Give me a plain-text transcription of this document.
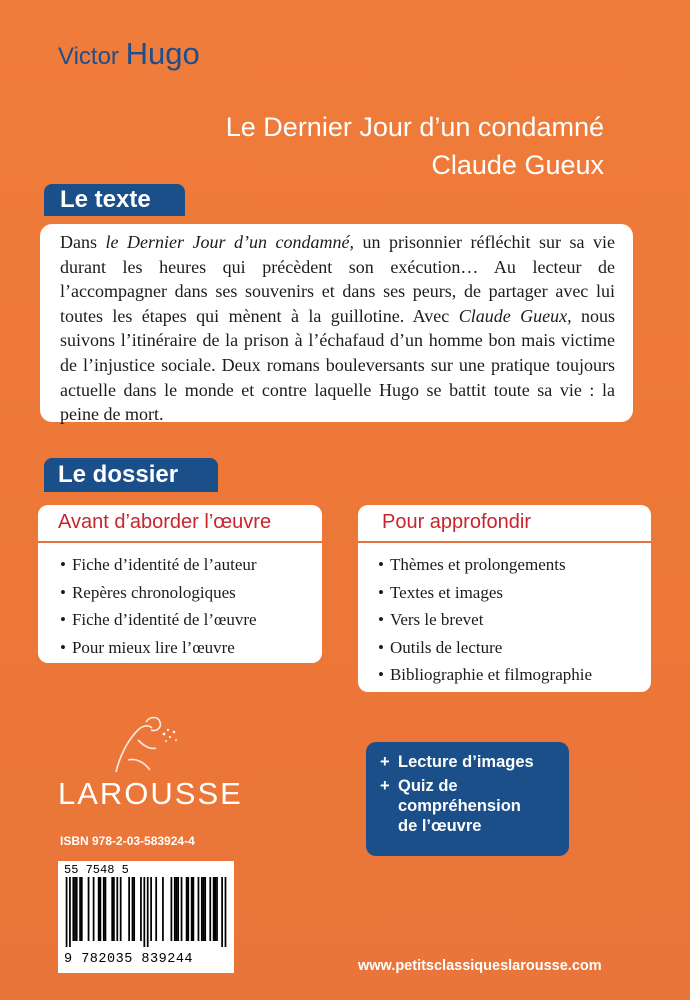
Victor Hugo
Le Dernier Jour d’un condamné
Claude Gueux
Le texte
Dans le Dernier Jour d’un condamné, un prisonnier réfléchit sur sa vie durant les heures qui précèdent son exécution… Au lecteur de l’accompagner dans ses souvenirs et dans ses peurs, de partager avec lui toutes les étapes qui mènent à la guillotine. Avec Claude Gueux, nous suivons l’itinéraire de la prison à l’échafaud d’un homme bon mais victime de l’injustice sociale. Deux romans bouleversants sur une pratique toujours actuelle dans le monde et contre laquelle Hugo se battit toute sa vie : la peine de mort.
Le dossier
Avant d’aborder l’œuvre
• Fiche d’identité de l’auteur
• Repères chronologiques
• Fiche d’identité de l’œuvre
• Pour mieux lire l’œuvre
Pour approfondir
• Thèmes et prolongements
• Textes et images
• Vers le brevet
• Outils de lecture
• Bibliographie et filmographie
LAROUSSE
+ Lecture d’images
+ Quiz de
compréhension
de l’œuvre
ISBN 978-2-03-583924-4
55 7548 5
9 782035 839244	www.petitsclassiqueslarousse.com
